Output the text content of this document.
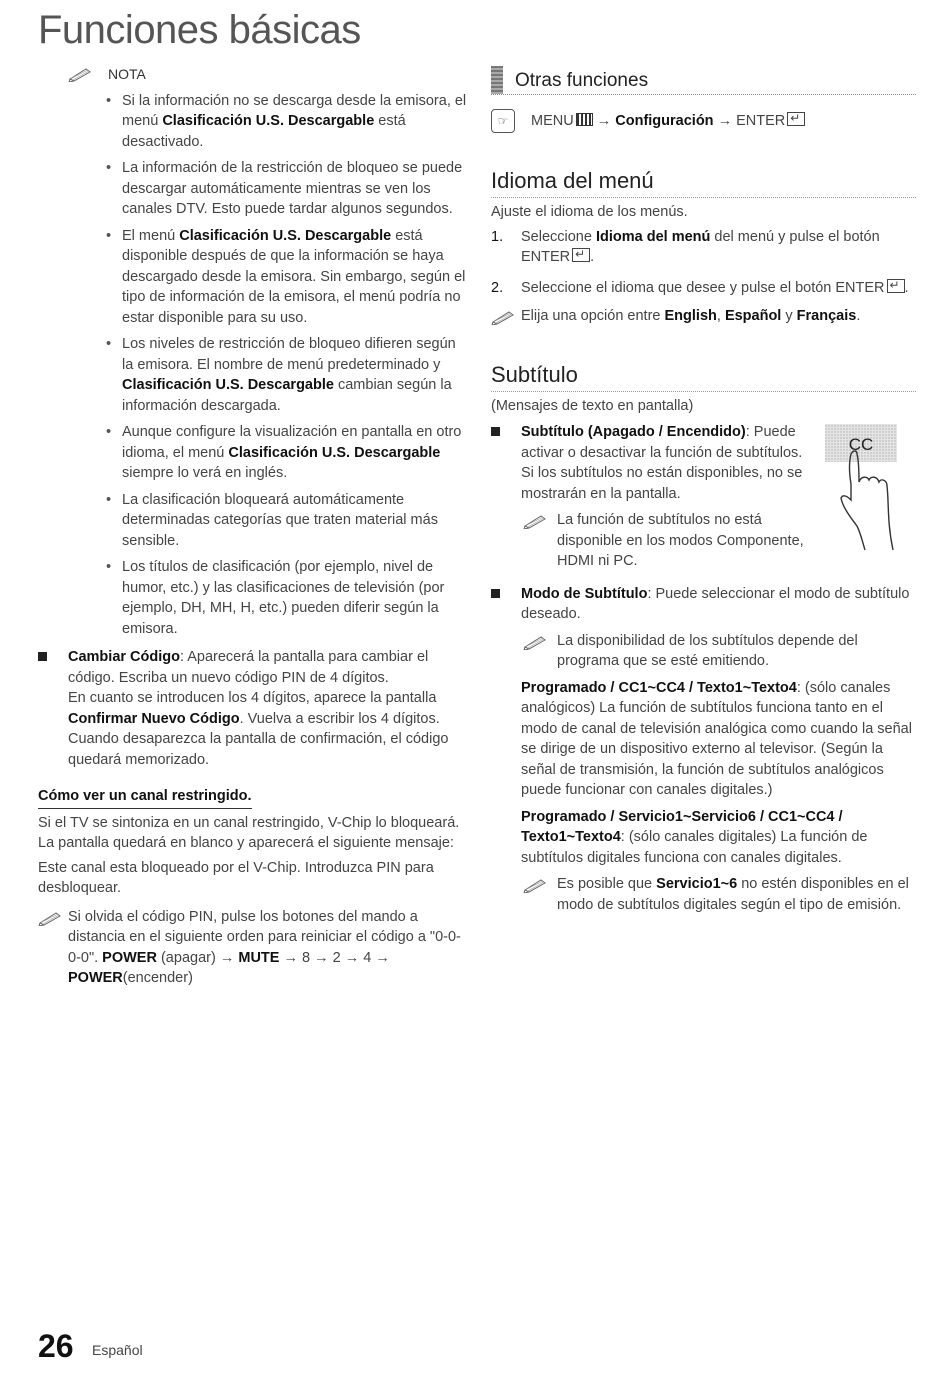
Funciones básicas
NOTA
• Si la información no se descarga desde la emisora, el menú Clasificación U.S. Descargable está desactivado.
• La información de la restricción de bloqueo se puede descargar automáticamente mientras se ven los canales DTV. Esto puede tardar algunos segundos.
• El menú Clasificación U.S. Descargable está disponible después de que la información se haya descargado desde la emisora. Sin embargo, según el tipo de información de la emisora, el menú podría no estar disponible para su uso.
• Los niveles de restricción de bloqueo difieren según la emisora. El nombre de menú predeterminado y Clasificación U.S. Descargable cambian según la información descargada.
• Aunque configure la visualización en pantalla en otro idioma, el menú Clasificación U.S. Descargable siempre lo verá en inglés.
• La clasificación bloqueará automáticamente determinadas categorías que traten material más sensible.
• Los títulos de clasificación (por ejemplo, nivel de humor, etc.) y las clasificaciones de televisión (por ejemplo, DH, MH, H, etc.) pueden diferir según la emisora.
Cambiar Código: Aparecerá la pantalla para cambiar el código. Escriba un nuevo código PIN de 4 dígitos.
En cuanto se introducen los 4 dígitos, aparece la pantalla Confirmar Nuevo Código. Vuelva a escribir los 4 dígitos. Cuando desaparezca la pantalla de confirmación, el código quedará memorizado.
Cómo ver un canal restringido.
Si el TV se sintoniza en un canal restringido, V-Chip lo bloqueará. La pantalla quedará en blanco y aparecerá el siguiente mensaje:
Este canal esta bloqueado por el V-Chip. Introduzca PIN para desbloquear.
Si olvida el código PIN, pulse los botones del mando a distancia en el siguiente orden para reiniciar el código a "0-0-0-0". POWER (apagar) → MUTE → 8 → 2 → 4 → POWER(encender)
Otras funciones
☞	MENU → Configuración → ENTER↵
Idioma del menú
Ajuste el idioma de los menús.
1. Seleccione Idioma del menú del menú y pulse el botón ENTER↵ .
2. Seleccione el idioma que desee y pulse el botón ENTER↵ .
Elija una opción entre English, Español y Français.
Subtítulo
(Mensajes de texto en pantalla)
CC
Subtítulo (Apagado / Encendido): Puede activar o desactivar la función de subtítulos. Si los subtítulos no están disponibles, no se mostrarán en la pantalla.
La función de subtítulos no está disponible en los modos Componente, HDMI ni PC.
Modo de Subtítulo: Puede seleccionar el modo de subtítulo deseado.
La disponibilidad de los subtítulos depende del programa que se esté emitiendo.
Programado / CC1~CC4 / Texto1~Texto4: (sólo canales analógicos) La función de subtítulos funciona tanto en el modo de canal de televisión analógica como cuando la señal se dirige de un dispositivo externo al televisor. (Según la señal de transmisión, la función de subtítulos analógicos puede funcionar con canales digitales.)
Programado / Servicio1~Servicio6 / CC1~CC4 / Texto1~Texto4: (sólo canales digitales) La función de subtítulos digitales funciona con canales digitales.
Es posible que Servicio1~6 no estén disponibles en el modo de subtítulos digitales según el tipo de emisión.
26 Español
